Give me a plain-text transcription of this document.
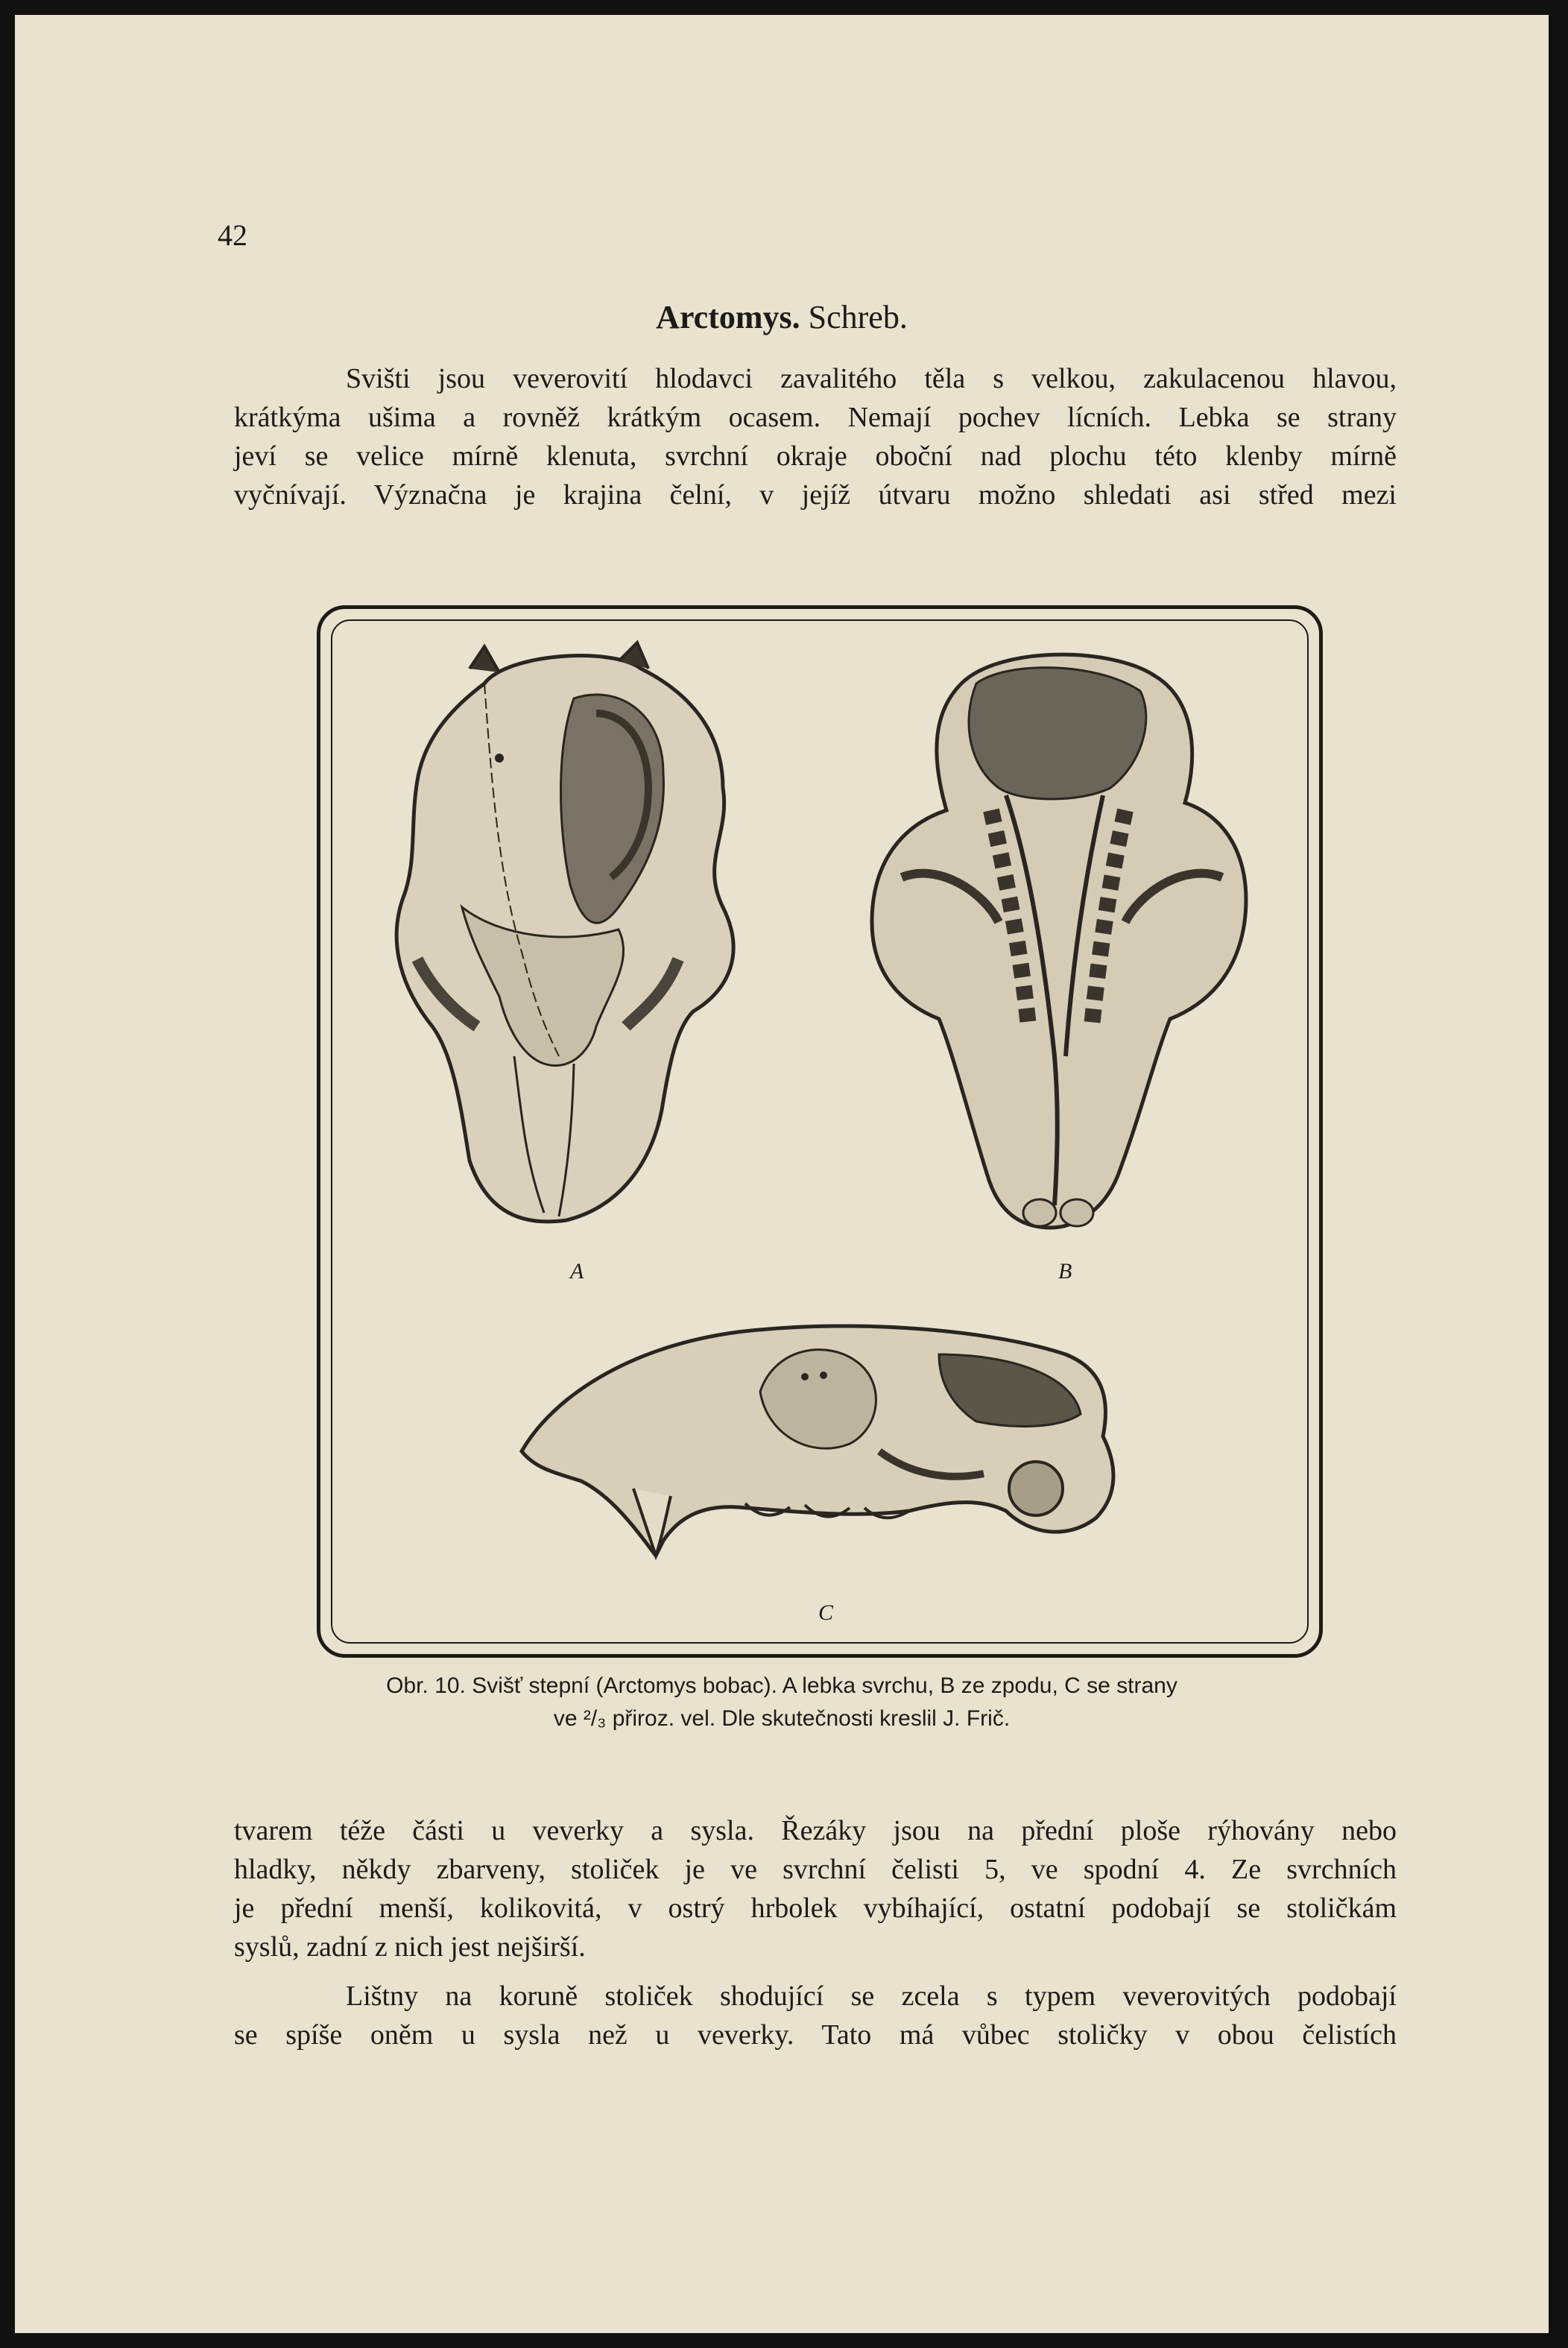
42
Arctomys. Schreb.
Svišti jsou veverovití hlodavci zavalitého těla s velkou, zakulacenou hlavou,
krátkýma ušima a rovněž krátkým ocasem. Nemají pochev lícních. Lebka se strany
jeví se velice mírně klenuta, svrchní okraje oboční nad plochu této klenby mírně
vyčnívají. Význačna je krajina čelní, v jejíž útvaru možno shledati asi střed mezi
A	B
C
Obr. 10. Svišť stepní (Arctomys bobac). A lebka svrchu, B ze zpodu, C se strany
ve ²/₃ přiroz. vel. Dle skutečnosti kreslil J. Frič.
tvarem téže části u veverky a sysla. Řezáky jsou na přední ploše rýhovány nebo
hladky, někdy zbarveny, stoliček je ve svrchní čelisti 5, ve spodní 4. Ze svrchních
je přední menší, kolikovitá, v ostrý hrbolek vybíhající, ostatní podobají se stoličkám
syslů, zadní z nich jest nejširší.
Lištny na koruně stoliček shodující se zcela s typem veverovitých podobají
se spíše oněm u sysla než u veverky. Tato má vůbec stoličky v obou čelistích
